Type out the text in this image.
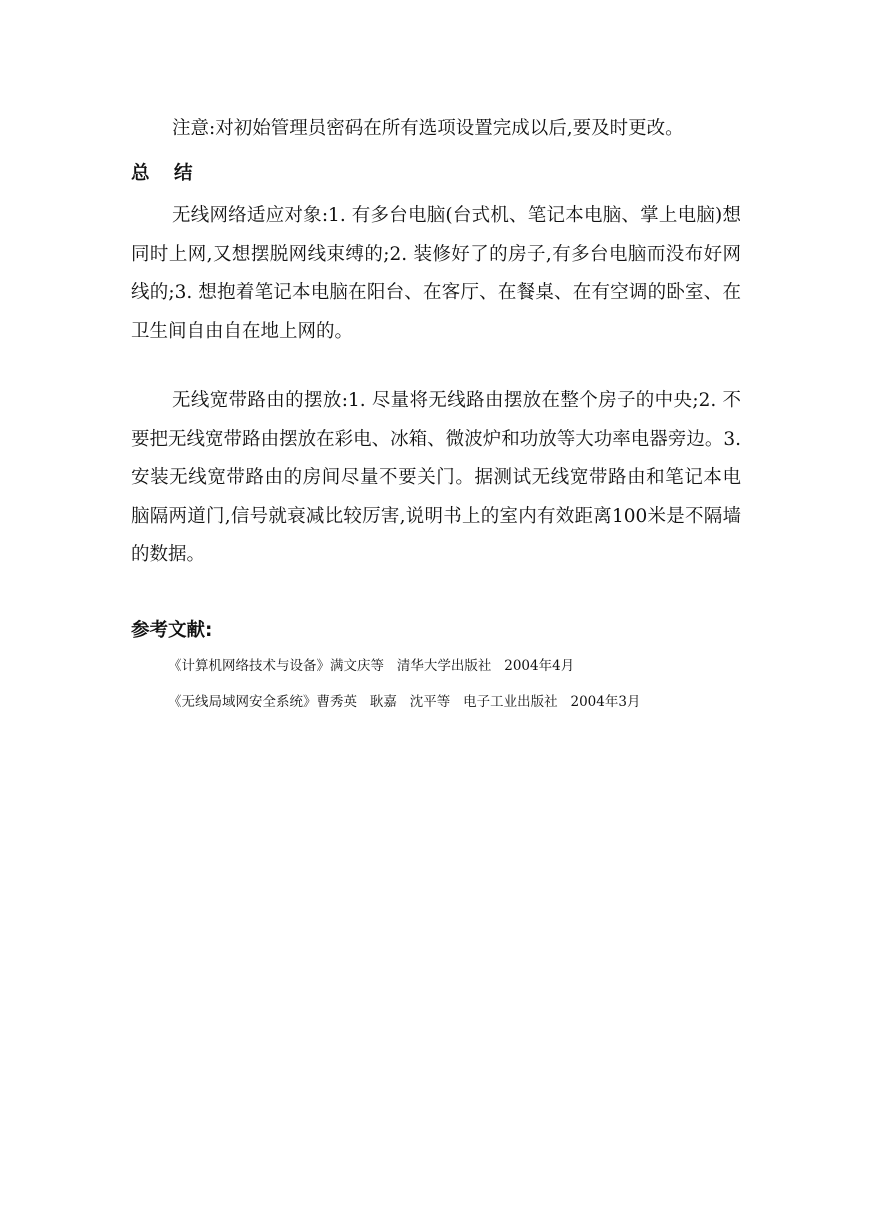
注意:对初始管理员密码在所有选项设置完成以后,要及时更改。

总 结

无线网络适应对象:1. 有多台电脑(台式机、笔记本电脑、掌上电脑)想同时上网,又想摆脱网线束缚的;2. 装修好了的房子,有多台电脑而没布好网线的;3. 想抱着笔记本电脑在阳台、在客厅、在餐桌、在有空调的卧室、在卫生间自由自在地上网的。

无线宽带路由的摆放:1. 尽量将无线路由摆放在整个房子的中央;2. 不要把无线宽带路由摆放在彩电、冰箱、微波炉和功放等大功率电器旁边。3. 安装无线宽带路由的房间尽量不要关门。据测试无线宽带路由和笔记本电脑隔两道门,信号就衰减比较厉害,说明书上的室内有效距离100米是不隔墙的数据。

参考文献:

《计算机网络技术与设备》满文庆等   清华大学出版社   2004年4月

《无线局域网安全系统》曹秀英   耿嘉   沈平等   电子工业出版社   2004年3月
